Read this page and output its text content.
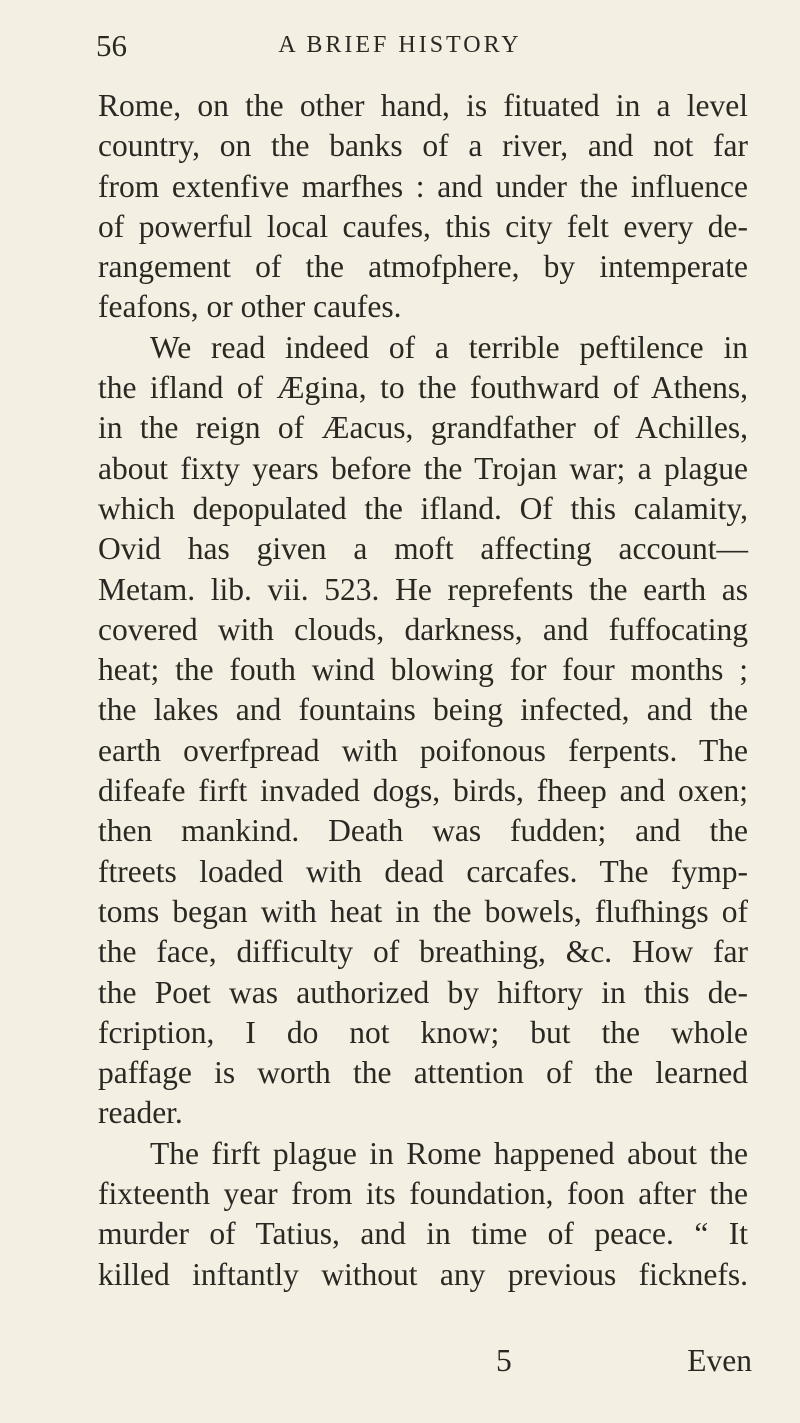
56	A BRIEF HISTORY
Rome, on the other hand, is fituated in a level
country, on the banks of a river, and not far
from extenfive marfhes : and under the influence
of powerful local caufes, this city felt every de-
rangement of the atmofphere, by intemperate
feafons, or other caufes.
We read indeed of a terrible peftilence in
the ifland of Ægina, to the fouthward of Athens,
in the reign of Æacus, grandfather of Achilles,
about fixty years before the Trojan war; a plague
which depopulated the ifland. Of this calamity,
Ovid has given a moft affecting account—
Metam. lib. vii. 523. He reprefents the earth as
covered with clouds, darkness, and fuffocating
heat; the fouth wind blowing for four months ;
the lakes and fountains being infected, and the
earth overfpread with poifonous ferpents. The
difeafe firft invaded dogs, birds, fheep and oxen;
then mankind. Death was fudden; and the
ftreets loaded with dead carcafes. The fymp-
toms began with heat in the bowels, flufhings of
the face, difficulty of breathing, &c. How far
the Poet was authorized by hiftory in this de-
fcription, I do not know; but the whole
paffage is worth the attention of the learned
reader.
The firft plague in Rome happened about the
fixteenth year from its foundation, foon after the
murder of Tatius, and in time of peace. “ It
killed inftantly without any previous ficknefs.
5	Even
